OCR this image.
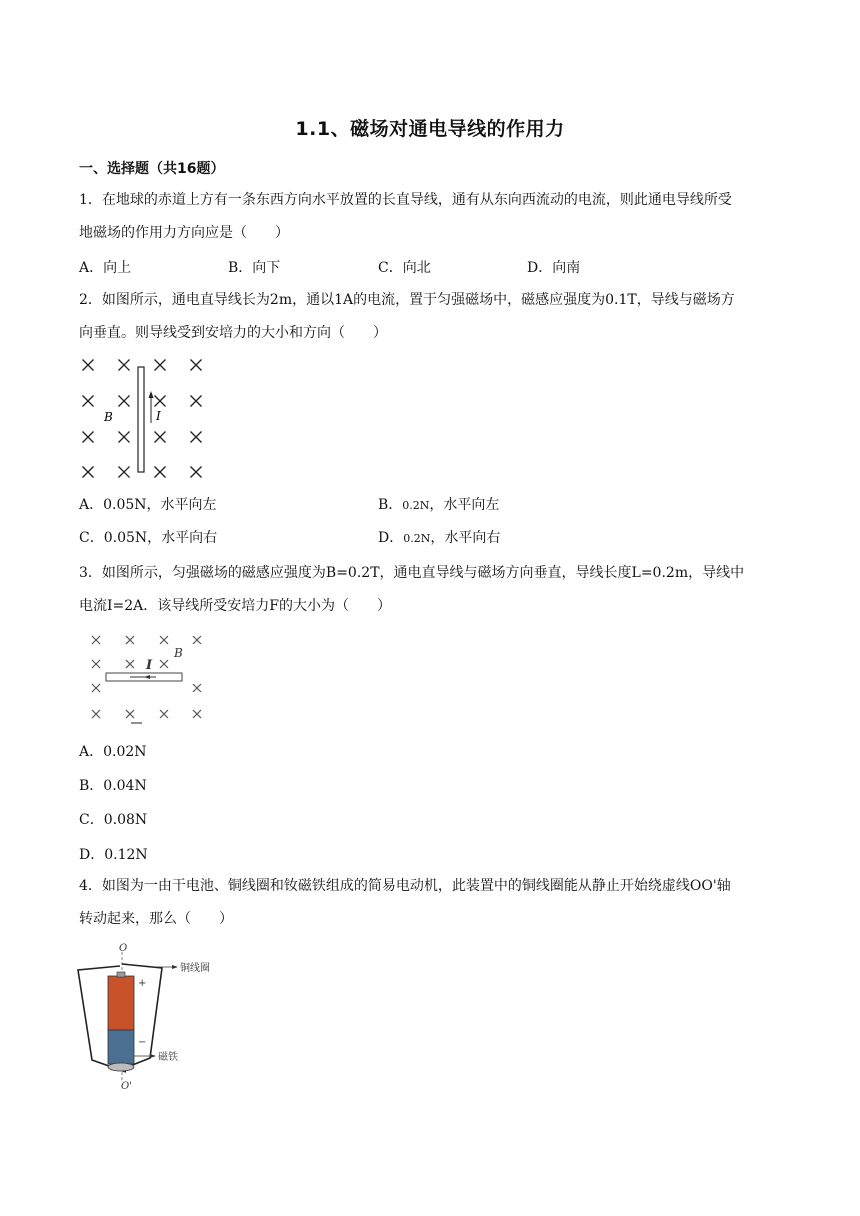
1.1、磁场对通电导线的作用力
一、选择题（共16题）
1．在地球的赤道上方有一条东西方向水平放置的长直导线，通有从东向西流动的电流，则此通电导线所受
地磁场的作用力方向应是（　　）
A．向上	B．向下	C．向北	D．向南
2．如图所示，通电直导线长为2m，通以1A的电流，置于匀强磁场中，磁感应强度为0.1T，导线与磁场方
向垂直。则导线受到安培力的大小和方向（　　）
I
B
A．0.05N，水平向左	B．0.2N，水平向左
C．0.05N，水平向右	D．0.2N，水平向右
3．如图所示，匀强磁场的磁感应强度为B=0.2T，通电直导线与磁场方向垂直，导线长度L=0.2m，导线中
电流I=2A．该导线所受安培力F的大小为（　　）
I
B
A．0.02N
B．0.04N
C．0.08N
D．0.12N
4．如图为一由干电池、铜线圈和钕磁铁组成的简易电动机，此装置中的铜线圈能从静止开始绕虚线OO'轴
转动起来，那么（　　）
O
O'
+
−
铜线圈
磁铁
